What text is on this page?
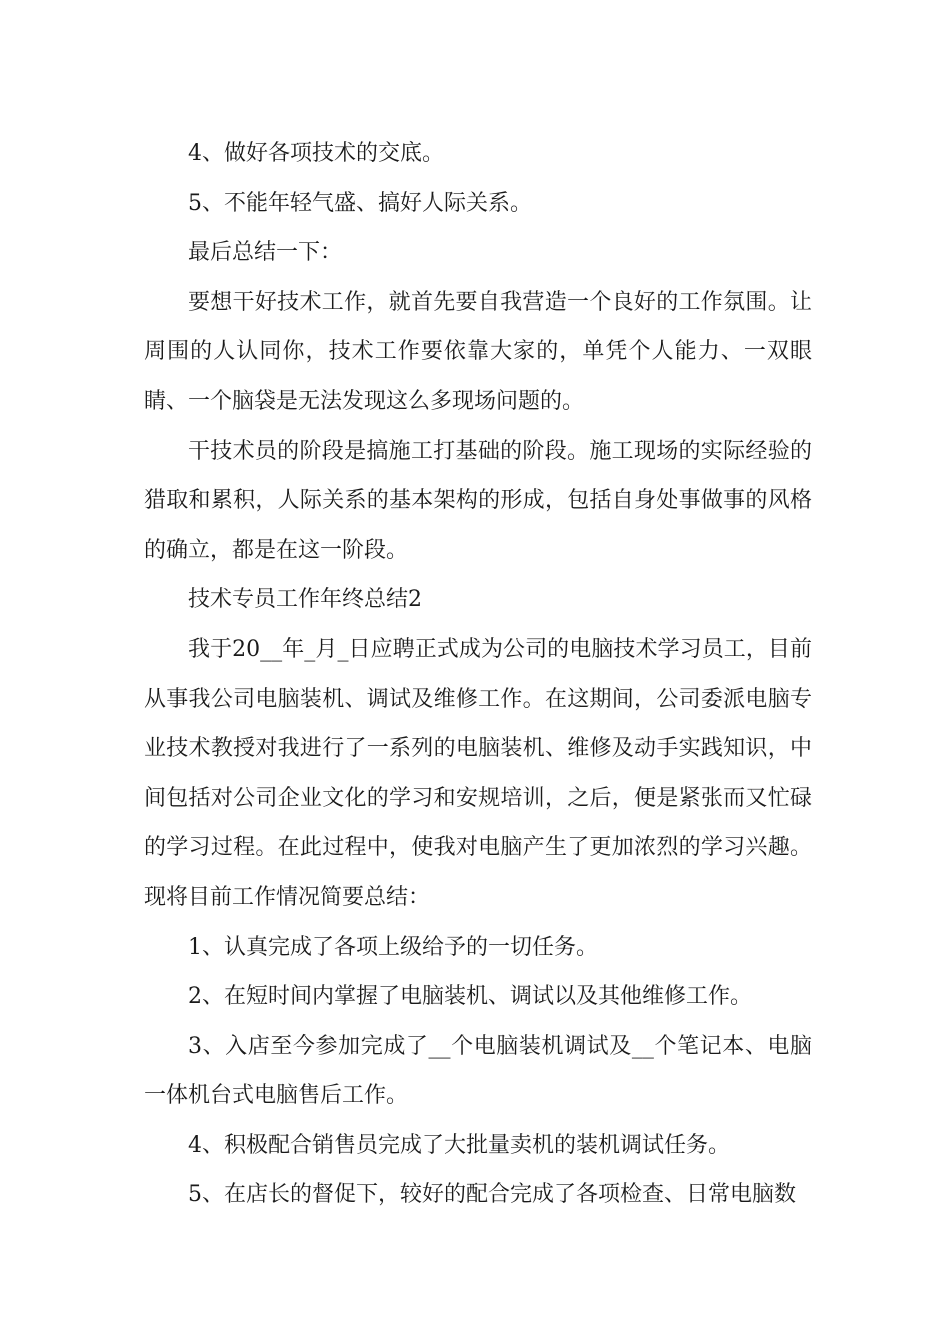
4、做好各项技术的交底。

5、不能年轻气盛、搞好人际关系。

最后总结一下：

要想干好技术工作，就首先要自我营造一个良好的工作氛围。让周围的人认同你，技术工作要依靠大家的，单凭个人能力、一双眼睛、一个脑袋是无法发现这么多现场问题的。

干技术员的阶段是搞施工打基础的阶段。施工现场的实际经验的猎取和累积，人际关系的基本架构的形成，包括自身处事做事的风格的确立，都是在这一阶段。

技术专员工作年终总结2

我于20__年_月_日应聘正式成为公司的电脑技术学习员工，目前从事我公司电脑装机、调试及维修工作。在这期间，公司委派电脑专业技术教授对我进行了一系列的电脑装机、维修及动手实践知识，中间包括对公司企业文化的学习和安规培训，之后，便是紧张而又忙碌的学习过程。在此过程中，使我对电脑产生了更加浓烈的学习兴趣。现将目前工作情况简要总结：

1、认真完成了各项上级给予的一切任务。

2、在短时间内掌握了电脑装机、调试以及其他维修工作。

3、入店至今参加完成了__个电脑装机调试及__个笔记本、电脑一体机台式电脑售后工作。

4、积极配合销售员完成了大批量卖机的装机调试任务。

5、在店长的督促下，较好的配合完成了各项检查、日常电脑数
